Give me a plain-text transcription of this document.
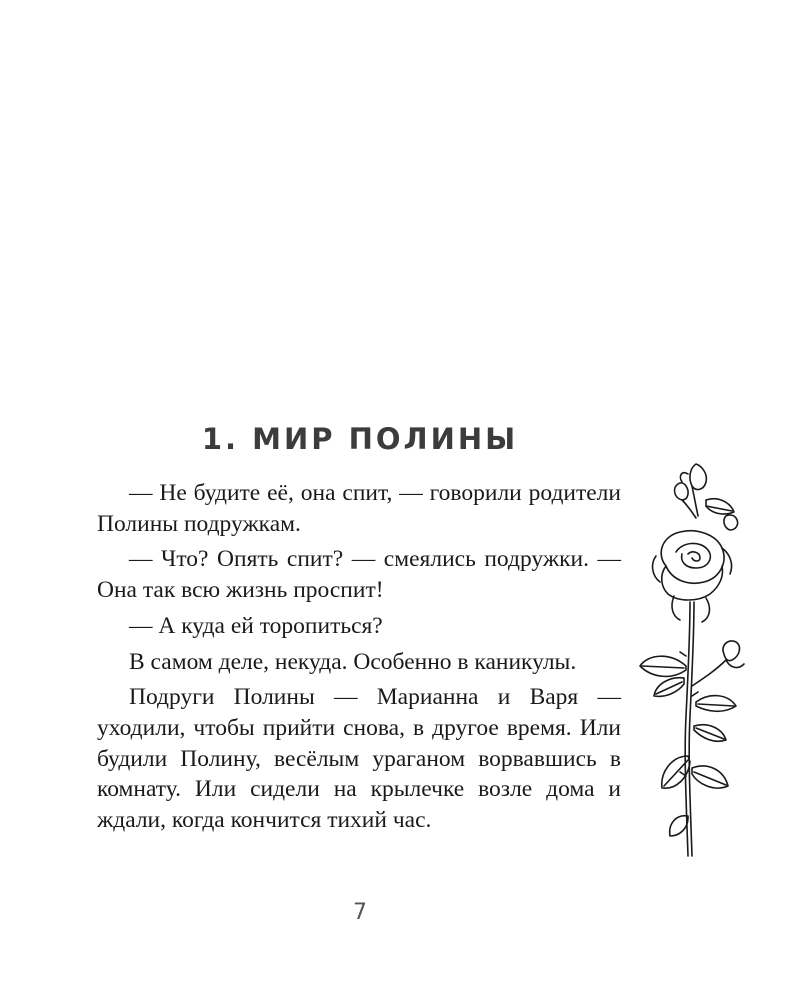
1. МИР ПОЛИНЫ

— Не будите её, она спит, — говорили родители Полины подружкам.

— Что? Опять спит? — смеялись подружки. — Она так всю жизнь проспит!

— А куда ей торопиться?

В самом деле, некуда. Особенно в каникулы.

Подруги Полины — Марианна и Варя — уходили, чтобы прийти снова, в другое время. Или будили Полину, весёлым ураганом ворвавшись в комнату. Или сидели на крылечке возле дома и ждали, когда кончится тихий час.

7
